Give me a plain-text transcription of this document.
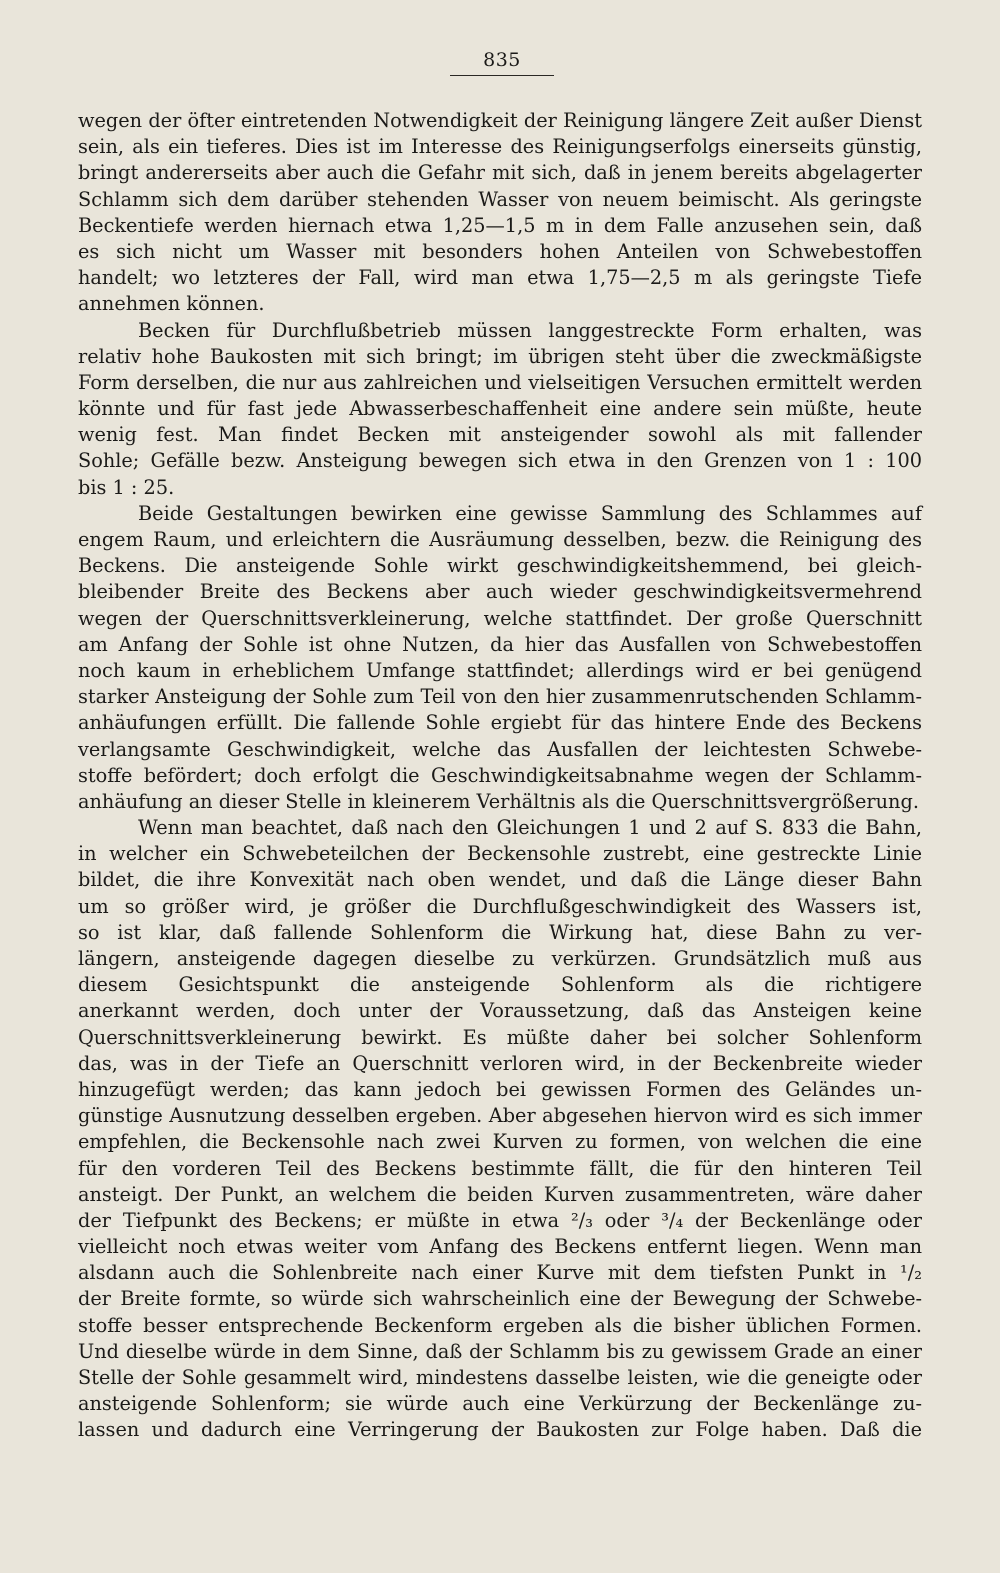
835
wegen der öfter eintretenden Notwendigkeit der Reinigung längere Zeit außer Dienst
sein, als ein tieferes. Dies ist im Interesse des Reinigungserfolgs einerseits günstig,
bringt andererseits aber auch die Gefahr mit sich, daß in jenem bereits abgelagerter
Schlamm sich dem darüber stehenden Wasser von neuem beimischt. Als geringste
Beckentiefe werden hiernach etwa 1,25—1,5 m in dem Falle anzusehen sein, daß
es sich nicht um Wasser mit besonders hohen Anteilen von Schwebestoffen
handelt; wo letzteres der Fall, wird man etwa 1,75—2,5 m als geringste Tiefe
annehmen können.
Becken für Durchflußbetrieb müssen langgestreckte Form erhalten, was
relativ hohe Baukosten mit sich bringt; im übrigen steht über die zweckmäßigste
Form derselben, die nur aus zahlreichen und vielseitigen Versuchen ermittelt werden
könnte und für fast jede Abwasserbeschaffenheit eine andere sein müßte, heute
wenig fest. Man findet Becken mit ansteigender sowohl als mit fallender
Sohle; Gefälle bezw. Ansteigung bewegen sich etwa in den Grenzen von 1 : 100
bis 1 : 25.
Beide Gestaltungen bewirken eine gewisse Sammlung des Schlammes auf
engem Raum, und erleichtern die Ausräumung desselben, bezw. die Reinigung des
Beckens. Die ansteigende Sohle wirkt geschwindigkeitshemmend, bei gleich-
bleibender Breite des Beckens aber auch wieder geschwindigkeitsvermehrend
wegen der Querschnittsverkleinerung, welche stattfindet. Der große Querschnitt
am Anfang der Sohle ist ohne Nutzen, da hier das Ausfallen von Schwebestoffen
noch kaum in erheblichem Umfange stattfindet; allerdings wird er bei genügend
starker Ansteigung der Sohle zum Teil von den hier zusammenrutschenden Schlamm-
anhäufungen erfüllt. Die fallende Sohle ergiebt für das hintere Ende des Beckens
verlangsamte Geschwindigkeit, welche das Ausfallen der leichtesten Schwebe-
stoffe befördert; doch erfolgt die Geschwindigkeitsabnahme wegen der Schlamm-
anhäufung an dieser Stelle in kleinerem Verhältnis als die Querschnittsvergrößerung.
Wenn man beachtet, daß nach den Gleichungen 1 und 2 auf S. 833 die Bahn,
in welcher ein Schwebeteilchen der Beckensohle zustrebt, eine gestreckte Linie
bildet, die ihre Konvexität nach oben wendet, und daß die Länge dieser Bahn
um so größer wird, je größer die Durchflußgeschwindigkeit des Wassers ist,
so ist klar, daß fallende Sohlenform die Wirkung hat, diese Bahn zu ver-
längern, ansteigende dagegen dieselbe zu verkürzen. Grundsätzlich muß aus
diesem Gesichtspunkt die ansteigende Sohlenform als die richtigere
anerkannt werden, doch unter der Voraussetzung, daß das Ansteigen keine
Querschnittsverkleinerung bewirkt. Es müßte daher bei solcher Sohlenform
das, was in der Tiefe an Querschnitt verloren wird, in der Beckenbreite wieder
hinzugefügt werden; das kann jedoch bei gewissen Formen des Geländes un-
günstige Ausnutzung desselben ergeben. Aber abgesehen hiervon wird es sich immer
empfehlen, die Beckensohle nach zwei Kurven zu formen, von welchen die eine
für den vorderen Teil des Beckens bestimmte fällt, die für den hinteren Teil
ansteigt. Der Punkt, an welchem die beiden Kurven zusammentreten, wäre daher
der Tiefpunkt des Beckens; er müßte in etwa ²/₃ oder ³/₄ der Beckenlänge oder
vielleicht noch etwas weiter vom Anfang des Beckens entfernt liegen. Wenn man
alsdann auch die Sohlenbreite nach einer Kurve mit dem tiefsten Punkt in ¹/₂
der Breite formte, so würde sich wahrscheinlich eine der Bewegung der Schwebe-
stoffe besser entsprechende Beckenform ergeben als die bisher üblichen Formen.
Und dieselbe würde in dem Sinne, daß der Schlamm bis zu gewissem Grade an einer
Stelle der Sohle gesammelt wird, mindestens dasselbe leisten, wie die geneigte oder
ansteigende Sohlenform; sie würde auch eine Verkürzung der Beckenlänge zu-
lassen und dadurch eine Verringerung der Baukosten zur Folge haben. Daß die
